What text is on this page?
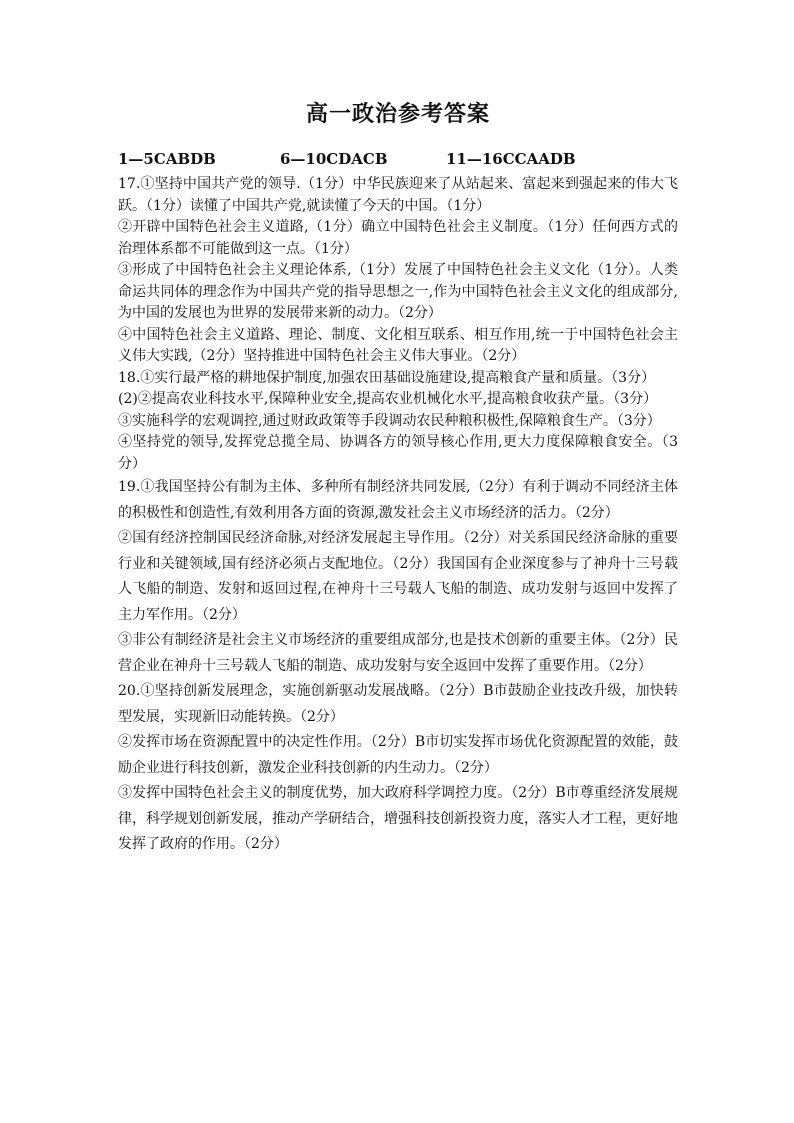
高一政治参考答案
1—5CABDB	6—10CDACB	11—16CCAADB

17.①坚持中国共产党的领导.（1分）中华民族迎来了从站起来、富起来到强起来的伟大飞跃。（1分）读懂了中国共产党,就读懂了今天的中国。（1分）

②开辟中国特色社会主义道路,（1分）确立中国特色社会主义制度。（1分）任何西方式的治理体系都不可能做到这一点。（1分）

③形成了中国特色社会主义理论体系,（1分）发展了中国特色社会主义文化（1分）。人类命运共同体的理念作为中国共产党的指导思想之一,作为中国特色社会主义文化的组成部分,为中国的发展也为世界的发展带来新的动力。（2分）

④中国特色社会主义道路、理论、制度、文化相互联系、相互作用,统一于中国特色社会主义伟大实践,（2分）坚持推进中国特色社会主义伟大事业。（2分）

18.①实行最严格的耕地保护制度,加强农田基础设施建设,提高粮食产量和质量。（3分）

(2)②提高农业科技水平,保障种业安全,提高农业机械化水平,提高粮食收获产量。（3分）

③实施科学的宏观调控,通过财政政策等手段调动农民种粮积极性,保障粮食生产。（3分）

④坚持党的领导,发挥党总揽全局、协调各方的领导核心作用,更大力度保障粮食安全。（3分）

19.①我国坚持公有制为主体、多种所有制经济共同发展,（2分）有利于调动不同经济主体的积极性和创造性,有效利用各方面的资源,激发社会主义市场经济的活力。（2分）

②国有经济控制国民经济命脉,对经济发展起主导作用。（2分）对关系国民经济命脉的重要行业和关键领域,国有经济必须占支配地位。（2分）我国国有企业深度参与了神舟十三号载人飞船的制造、发射和返回过程,在神舟十三号载人飞船的制造、成功发射与返回中发挥了主力军作用。（2分）

③非公有制经济是社会主义市场经济的重要组成部分,也是技术创新的重要主体。（2分）民营企业在神舟十三号载人飞船的制造、成功发射与安全返回中发挥了重要作用。（2分）

20.①坚持创新发展理念，实施创新驱动发展战略。（2分）B市鼓励企业技改升级，加快转型发展，实现新旧动能转换。（2分）

②发挥市场在资源配置中的决定性作用。（2分）B市切实发挥市场优化资源配置的效能，鼓励企业进行科技创新，激发企业科技创新的内生动力。（2分）

③发挥中国特色社会主义的制度优势，加大政府科学调控力度。（2分）B市尊重经济发展规律，科学规划创新发展，推动产学研结合，增强科技创新投资力度，落实人才工程，更好地发挥了政府的作用。（2分）
